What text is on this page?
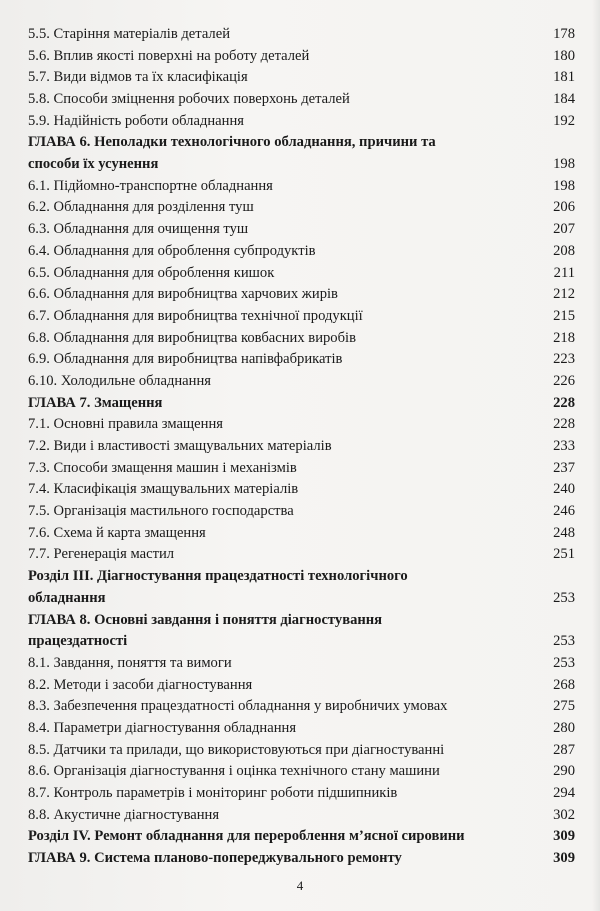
5.5. Старіння матеріалів деталей	178
5.6. Вплив якості поверхні на роботу деталей	180
5.7. Види відмов та їх класифікація	181
5.8. Способи зміцнення робочих поверхонь деталей	184
5.9. Надійність роботи обладнання	192
ГЛАВА 6. Неполадки технологічного обладнання, причини та
способи їх усунення	198
6.1. Підйомно-транспортне обладнання	198
6.2. Обладнання для розділення туш	206
6.3. Обладнання для очищення туш	207
6.4. Обладнання для оброблення субпродуктів	208
6.5. Обладнання для оброблення кишок	211
6.6. Обладнання для виробництва харчових жирів	212
6.7. Обладнання для виробництва технічної продукції	215
6.8. Обладнання для виробництва ковбасних виробів	218
6.9. Обладнання для виробництва напівфабрикатів	223
6.10. Холодильне обладнання	226
ГЛАВА 7. Змащення	228
7.1. Основні правила змащення	228
7.2. Види і властивості змащувальних матеріалів	233
7.3. Способи змащення машин і механізмів	237
7.4. Класифікація змащувальних матеріалів	240
7.5. Організація мастильного господарства	246
7.6. Схема й карта змащення	248
7.7. Регенерація мастил	251
Розділ III. Діагностування працездатності технологічного
обладнання	253
ГЛАВА 8. Основні завдання і поняття діагностування
працездатності	253
8.1. Завдання, поняття та вимоги	253
8.2. Методи і засоби діагностування	268
8.3. Забезпечення працездатності обладнання у виробничих умовах	275
8.4. Параметри діагностування обладнання	280
8.5. Датчики та прилади, що використовуються при діагностуванні	287
8.6. Організація діагностування і оцінка технічного стану машини	290
8.7. Контроль параметрів і моніторинг роботи підшипників	294
8.8. Акустичне діагностування	302
Розділ IV. Ремонт обладнання для перероблення м’ясної сировини	309
ГЛАВА 9. Система планово-попереджувального ремонту	309
4
